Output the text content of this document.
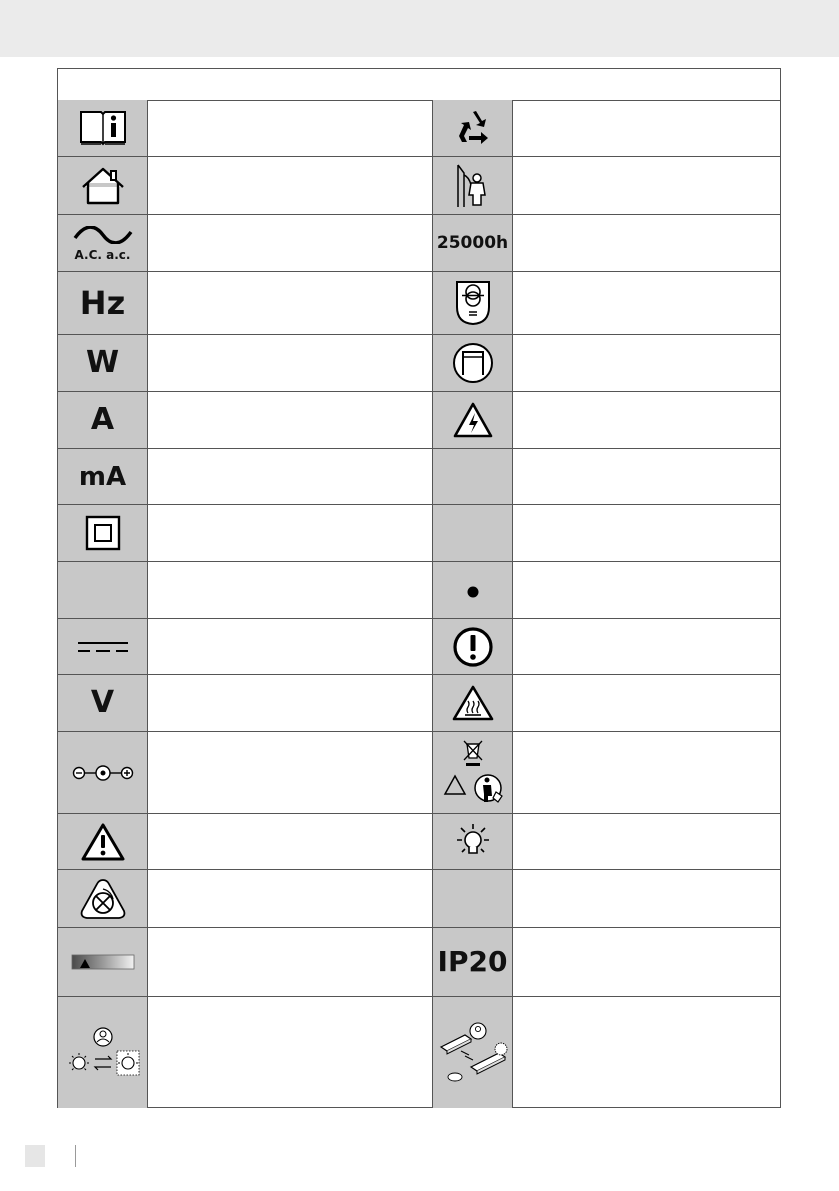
A.C. a.c.
25000h
Hz
W
A
mA
V
IP20
